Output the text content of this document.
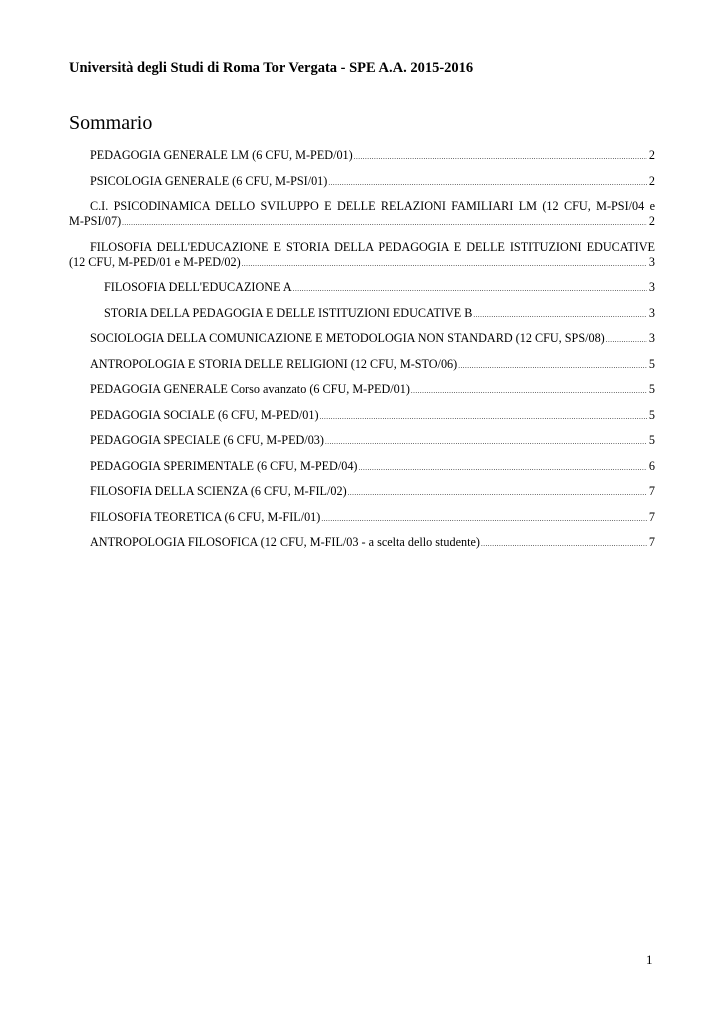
Università degli Studi di Roma Tor Vergata - SPE A.A. 2015-2016
Sommario
PEDAGOGIA GENERALE LM (6 CFU, M-PED/01) .....	2
PSICOLOGIA GENERALE (6 CFU, M-PSI/01) .....	2
C.I. PSICODINAMICA DELLO SVILUPPO E DELLE RELAZIONI FAMILIARI LM (12 CFU, M-PSI/04 e
M-PSI/07) .....	2
FILOSOFIA DELL'EDUCAZIONE E STORIA DELLA PEDAGOGIA E DELLE ISTITUZIONI EDUCATIVE
(12 CFU, M-PED/01 e M-PED/02) .....	3
FILOSOFIA DELL'EDUCAZIONE A .....	3
STORIA DELLA PEDAGOGIA E DELLE ISTITUZIONI EDUCATIVE B .....	3
SOCIOLOGIA DELLA COMUNICAZIONE E METODOLOGIA NON STANDARD (12 CFU, SPS/08) .....	3
ANTROPOLOGIA E STORIA DELLE RELIGIONI (12 CFU, M-STO/06) .....	5
PEDAGOGIA GENERALE Corso avanzato (6 CFU, M-PED/01) .....	5
PEDAGOGIA SOCIALE (6 CFU, M-PED/01) .....	5
PEDAGOGIA SPECIALE (6 CFU, M-PED/03) .....	5
PEDAGOGIA SPERIMENTALE (6 CFU, M-PED/04) .....	6
FILOSOFIA DELLA SCIENZA (6 CFU, M-FIL/02) .....	7
FILOSOFIA TEORETICA (6 CFU, M-FIL/01) .....	7
ANTROPOLOGIA FILOSOFICA (12 CFU, M-FIL/03 - a scelta dello studente) .....	7
1
